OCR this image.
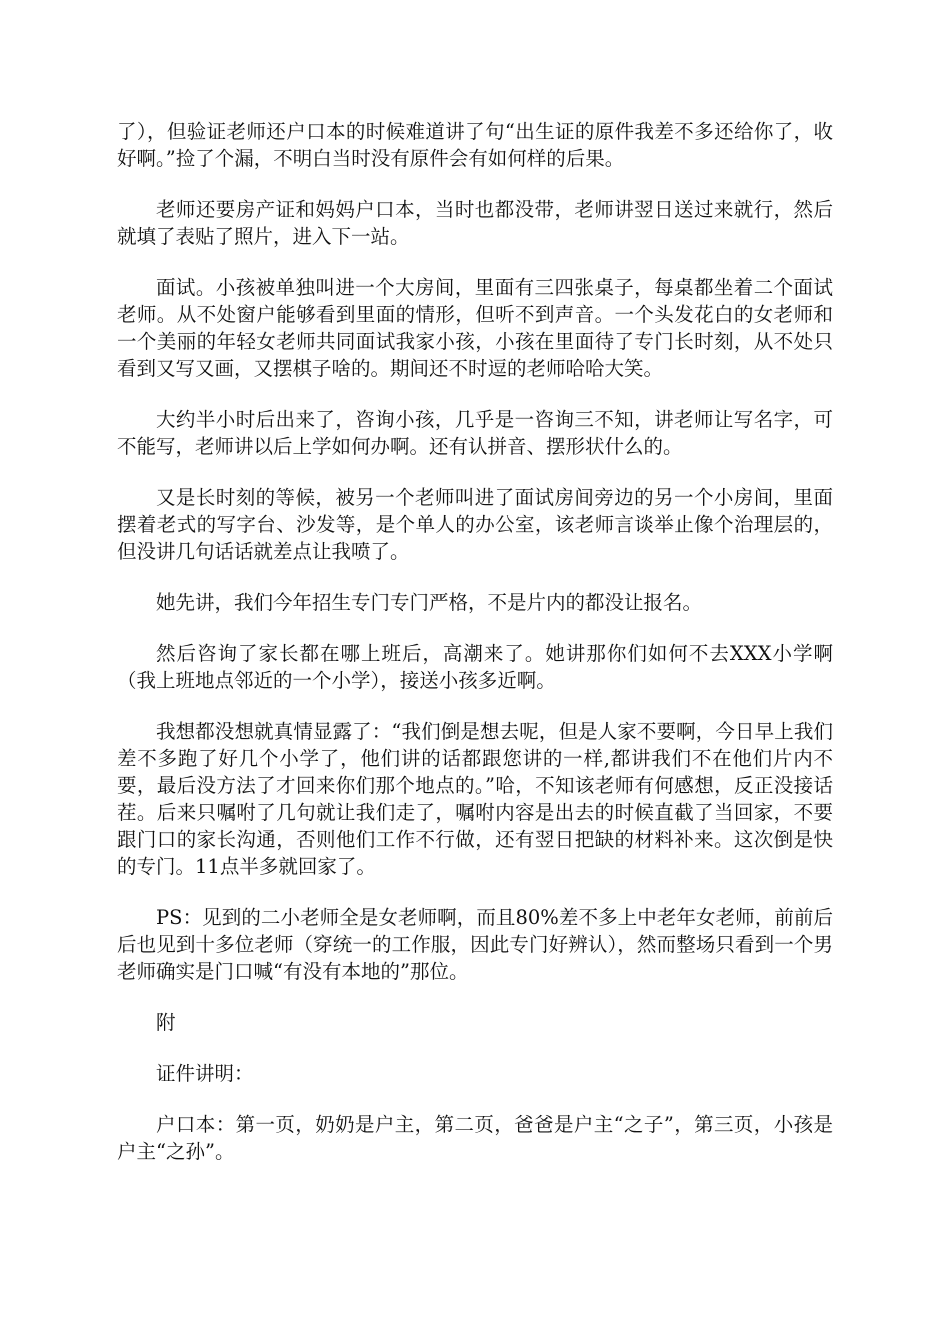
了），但验证老师还户口本的时候难道讲了句“出生证的原件我差不多还给你了，收好啊。”捡了个漏，不明白当时没有原件会有如何样的后果。

老师还要房产证和妈妈户口本，当时也都没带，老师讲翌日送过来就行，然后就填了表贴了照片，进入下一站。

面试。小孩被单独叫进一个大房间，里面有三四张桌子，每桌都坐着二个面试老师。从不处窗户能够看到里面的情形，但听不到声音。一个头发花白的女老师和一个美丽的年轻女老师共同面试我家小孩，小孩在里面待了专门长时刻，从不处只看到又写又画，又摆棋子啥的。期间还不时逗的老师哈哈大笑。

大约半小时后出来了，咨询小孩，几乎是一咨询三不知，讲老师让写名字，可不能写，老师讲以后上学如何办啊。还有认拼音、摆形状什么的。

又是长时刻的等候，被另一个老师叫进了面试房间旁边的另一个小房间，里面摆着老式的写字台、沙发等，是个单人的办公室，该老师言谈举止像个治理层的，但没讲几句话话就差点让我喷了。

她先讲，我们今年招生专门专门严格，不是片内的都没让报名。

然后咨询了家长都在哪上班后，高潮来了。她讲那你们如何不去XXX小学啊（我上班地点邻近的一个小学），接送小孩多近啊。

我想都没想就真情显露了：“我们倒是想去呢，但是人家不要啊，今日早上我们差不多跑了好几个小学了，他们讲的话都跟您讲的一样,都讲我们不在他们片内不要，最后没方法了才回来你们那个地点的。”哈，不知该老师有何感想，反正没接话茬。后来只嘱咐了几句就让我们走了，嘱咐内容是出去的时候直截了当回家，不要跟门口的家长沟通，否则他们工作不行做，还有翌日把缺的材料补来。这次倒是快的专门。11点半多就回家了。

PS：见到的二小老师全是女老师啊，而且80%差不多上中老年女老师，前前后后也见到十多位老师（穿统一的工作服，因此专门好辨认），然而整场只看到一个男老师确实是门口喊“有没有本地的”那位。

附

证件讲明：

户口本：第一页，奶奶是户主，第二页，爸爸是户主“之子”，第三页，小孩是户主“之孙”。
